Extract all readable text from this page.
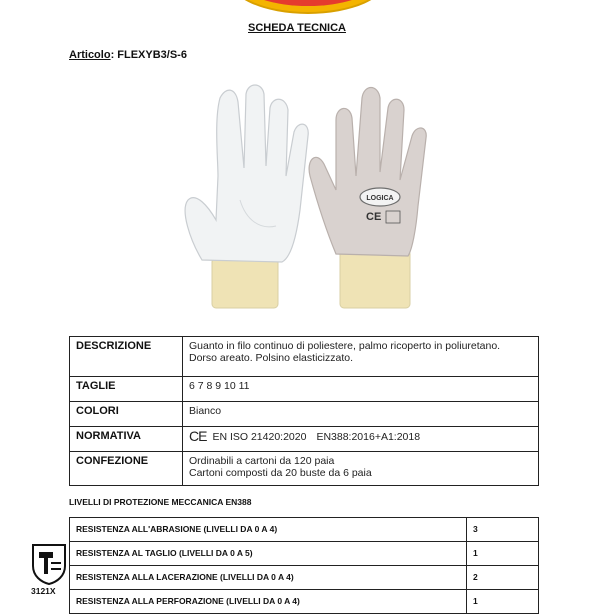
SCHEDA TECNICA
Articolo: FLEXYB3/S-6
LOGICA
CE
DESCRIZIONE	Guanto in filo continuo di poliestere, palmo ricoperto in poliuretano.
Dorso areato. Polsino elasticizzato.

TAGLIE	6 7 8 9 10 11
COLORI	Bianco
NORMATIVA	CE EN ISO 21420:2020 EN388:2016+A1:2018
CONFEZIONE	Ordinabili a cartoni da 120 paia
Cartoni composti da 20 buste da 6 paia
LIVELLI DI PROTEZIONE MECCANICA EN388
RESISTENZA ALL'ABRASIONE (LIVELLI DA 0 A 4)	3
RESISTENZA AL TAGLIO (LIVELLI DA 0 A 5)	1
RESISTENZA ALLA LACERAZIONE (LIVELLI DA 0 A 4)	2
RESISTENZA ALLA PERFORAZIONE (LIVELLI DA 0 A 4)	1
3121X
